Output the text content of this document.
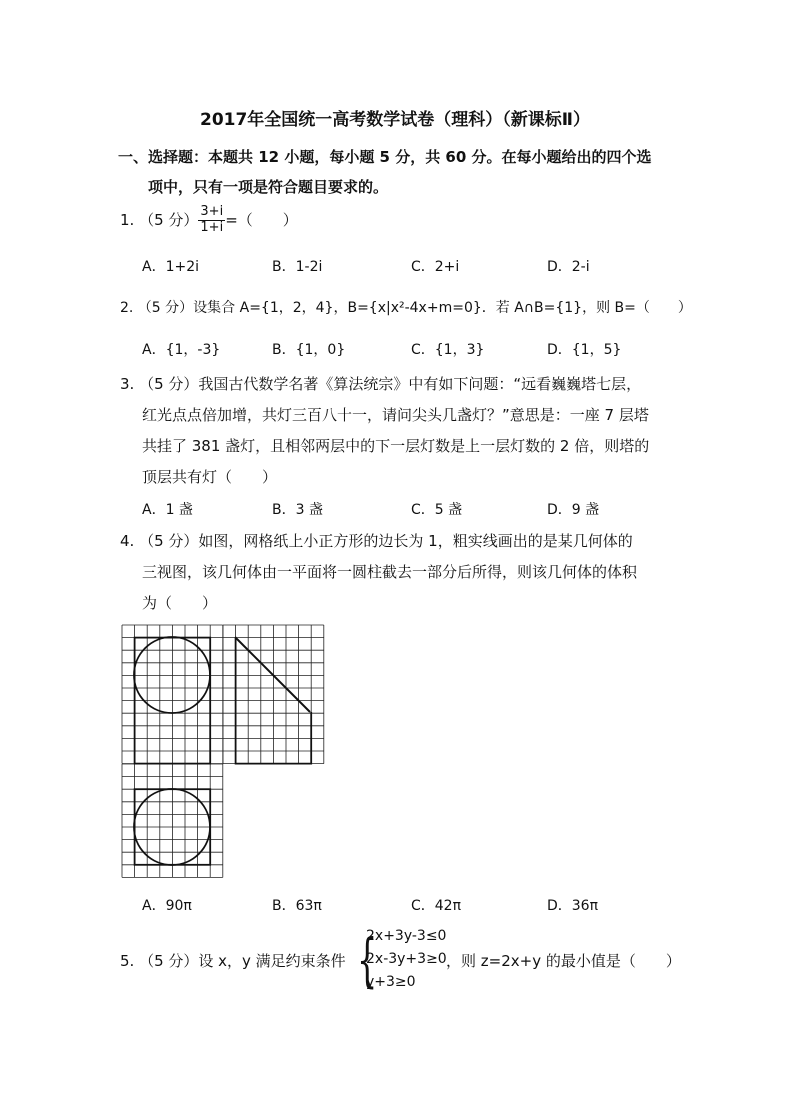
2017年全国统一高考数学试卷（理科）（新课标Ⅱ）
一、选择题：本题共 12 小题，每小题 5 分，共 60 分。在每小题给出的四个选
项中，只有一项是符合题目要求的。
1. （5 分） $\frac{3+i}{1+i}$ =（　　）
A．1+2i	B．1-2i	C．2+i	D．2-i
2. （5 分）设集合 A={1，2，4}，B={x|x²-4x+m=0}．若 A∩B={1}，则 B=（　　）
A．{1，-3}	B．{1，0}	C．{1，3}	D．{1，5}
3. （5 分）我国古代数学名著《算法统宗》中有如下问题：“远看巍巍塔七层，
红光点点倍加增，共灯三百八十一，请问尖头几盏灯？”意思是：一座 7 层塔
共挂了 381 盏灯，且相邻两层中的下一层灯数是上一层灯数的 2 倍，则塔的
顶层共有灯（　　）
A．1 盏	B．3 盏	C．5 盏	D．9 盏
4. （5 分）如图，网格纸上小正方形的边长为 1，粗实线画出的是某几何体的
三视图，该几何体由一平面将一圆柱截去一部分后所得，则该几何体的体积
为（　　）
A．90π	B．63π	C．42π	D．36π
5. （5 分）设 x，y 满足约束条件 {
2x+3y-3≤0
2x-3y+3≥0
y+3≥0
，则 z=2x+y 的最小值是（　　）
